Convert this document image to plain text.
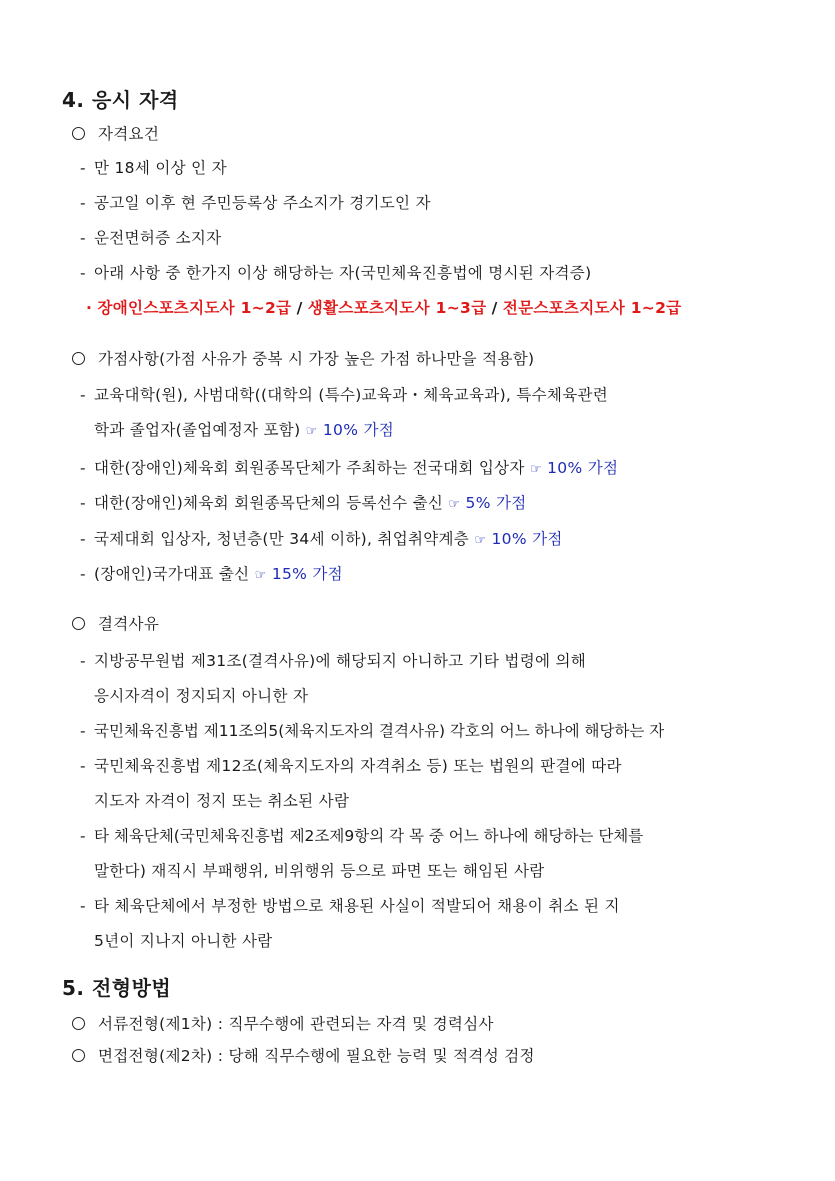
4. 응시 자격
자격요건
- 만 18세 이상 인 자
- 공고일 이후 현 주민등록상 주소지가 경기도인 자
- 운전면허증 소지자
- 아래 사항 중 한가지 이상 해당하는 자(국민체육진흥법에 명시된 자격증)
· 장애인스포츠지도사 1~2급 / 생활스포츠지도사 1~3급 / 전문스포츠지도사 1~2급
가점사항(가점 사유가 중복 시 가장 높은 가점 하나만을 적용함)
- 교육대학(원), 사범대학((대학의 (특수)교육과・체육교육과), 특수체육관련
학과 졸업자(졸업예정자 포함) ☞ 10% 가점
- 대한(장애인)체육회 회원종목단체가 주최하는 전국대회 입상자 ☞ 10% 가점
- 대한(장애인)체육회 회원종목단체의 등록선수 출신 ☞ 5% 가점
- 국제대회 입상자, 청년층(만 34세 이하), 취업취약계층 ☞ 10% 가점
- (장애인)국가대표 출신 ☞ 15% 가점
결격사유
- 지방공무원법 제31조(결격사유)에 해당되지 아니하고 기타 법령에 의해
응시자격이 정지되지 아니한 자
- 국민체육진흥법 제11조의5(체육지도자의 결격사유) 각호의 어느 하나에 해당하는 자
- 국민체육진흥법 제12조(체육지도자의 자격취소 등) 또는 법원의 판결에 따라
지도자 자격이 정지 또는 취소된 사람
- 타 체육단체(국민체육진흥법 제2조제9항의 각 목 중 어느 하나에 해당하는 단체를
말한다) 재직시 부패행위, 비위행위 등으로 파면 또는 해임된 사람
- 타 체육단체에서 부정한 방법으로 채용된 사실이 적발되어 채용이 취소 된 지
5년이 지나지 아니한 사람
5. 전형방법
서류전형(제1차) : 직무수행에 관련되는 자격 및 경력심사
면접전형(제2차) : 당해 직무수행에 필요한 능력 및 적격성 검정
